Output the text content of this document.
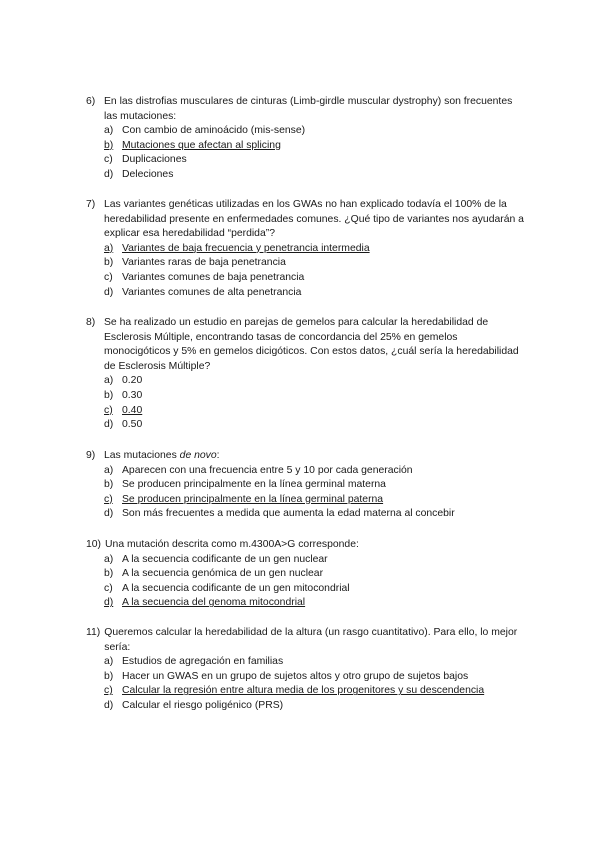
6) En las distrofias musculares de cinturas (Limb-girdle muscular dystrophy) son frecuentes las mutaciones:
a) Con cambio de aminoácido (mis-sense)
b) Mutaciones que afectan al splicing
c) Duplicaciones
d) Deleciones
7) Las variantes genéticas utilizadas en los GWAs no han explicado todavía el 100% de la heredabilidad presente en enfermedades comunes. ¿Qué tipo de variantes nos ayudarán a explicar esa heredabilidad “perdida”?
a) Variantes de baja frecuencia y penetrancia intermedia
b) Variantes raras de baja penetrancia
c) Variantes comunes de baja penetrancia
d) Variantes comunes de alta penetrancia
8) Se ha realizado un estudio en parejas de gemelos para calcular la heredabilidad de Esclerosis Múltiple, encontrando tasas de concordancia del 25% en gemelos monocigóticos y 5% en gemelos dicigóticos. Con estos datos, ¿cuál sería la heredabilidad de Esclerosis Múltiple?
a) 0.20
b) 0.30
c) 0.40
d) 0.50
9) Las mutaciones de novo:
a) Aparecen con una frecuencia entre 5 y 10 por cada generación
b) Se producen principalmente en la línea germinal materna
c) Se producen principalmente en la línea germinal paterna
d) Son más frecuentes a medida que aumenta la edad materna al concebir
10) Una mutación descrita como m.4300A>G corresponde:
a) A la secuencia codificante de un gen nuclear
b) A la secuencia genómica de un gen nuclear
c) A la secuencia codificante de un gen mitocondrial
d) A la secuencia del genoma mitocondrial
11) Queremos calcular la heredabilidad de la altura (un rasgo cuantitativo). Para ello, lo mejor sería:
a) Estudios de agregación en familias
b) Hacer un GWAS en un grupo de sujetos altos y otro grupo de sujetos bajos
c) Calcular la regresión entre altura media de los progenitores y su descendencia
d) Calcular el riesgo poligénico (PRS)
